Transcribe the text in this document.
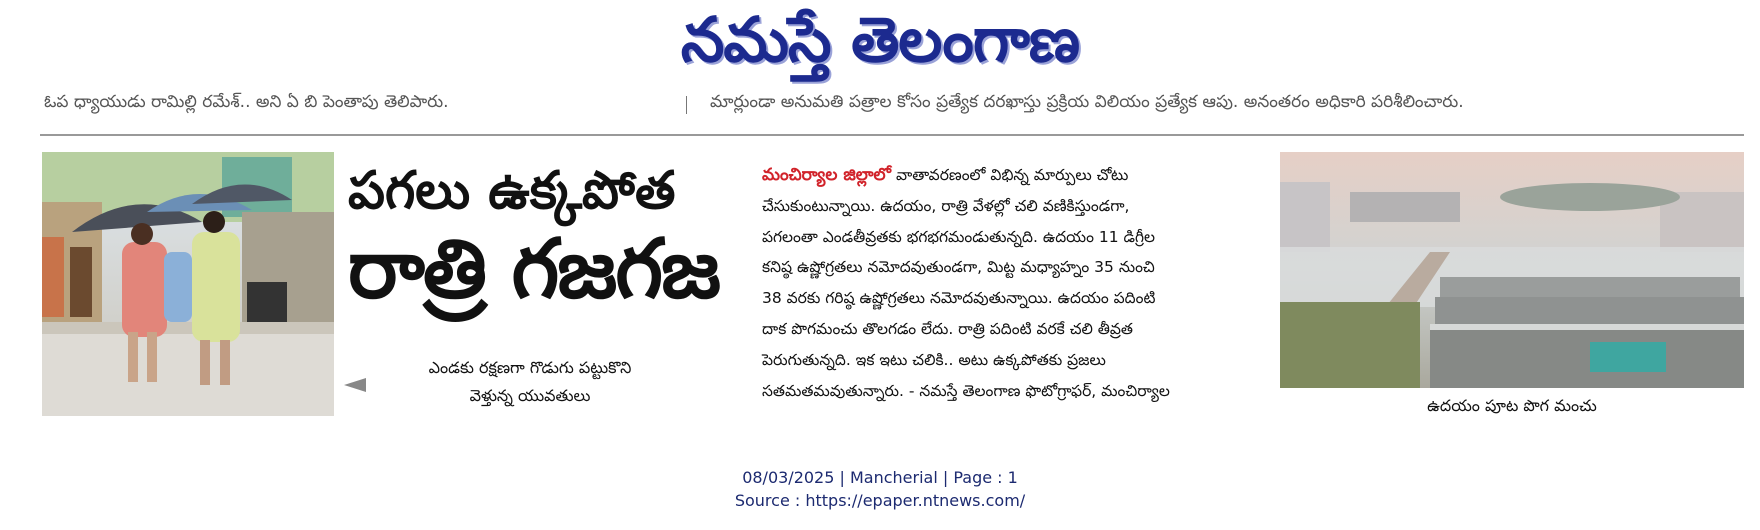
నమస్తే తెలంగాణ
ఓప ధ్యాయుడు రామిల్లి రమేశ్.. అని ఏ బి పెంతాపు తెలిపారు.	మార్లుండా అనుమతి పత్రాల కోసం ప్రత్యేక దరఖాస్తు ప్రక్రియ విలియం ప్రత్యేక ఆపు. అనంతరం అధికారి పరిశీలించారు.
పగలు ఉక్కపోత
రాత్రి గజగజ
ఎండకు రక్షణగా గొడుగు పట్టుకొని
వెళ్తున్న యువతులు
మంచిర్యాల జిల్లాలో వాతావరణంలో విభిన్న మార్పులు చోటు
చేసుకుంటున్నాయి. ఉదయం, రాత్రి వేళల్లో చలి వణికిస్తుండగా,
పగలంతా ఎండతీవ్రతకు భగభగమండుతున్నది. ఉదయం 11 డిగ్రీల
కనిష్ఠ ఉష్ణోగ్రతలు నమోదవుతుండగా, మిట్ట మధ్యాహ్నం 35 నుంచి
38 వరకు గరిష్ఠ ఉష్ణోగ్రతలు నమోదవుతున్నాయి. ఉదయం పదింటి
దాక పొగమంచు తొలగడం లేదు. రాత్రి పదింటి వరకే చలి తీవ్రత
పెరుగుతున్నది. ఇక ఇటు చలికి.. అటు ఉక్కపోతకు ప్రజలు
సతమతమవుతున్నారు. - నమస్తే తెలంగాణ ఫొటోగ్రాఫర్, మంచిర్యాల
ఉదయం పూట పొగ మంచు
08/03/2025 | Mancherial | Page : 1
Source : https://epaper.ntnews.com/
